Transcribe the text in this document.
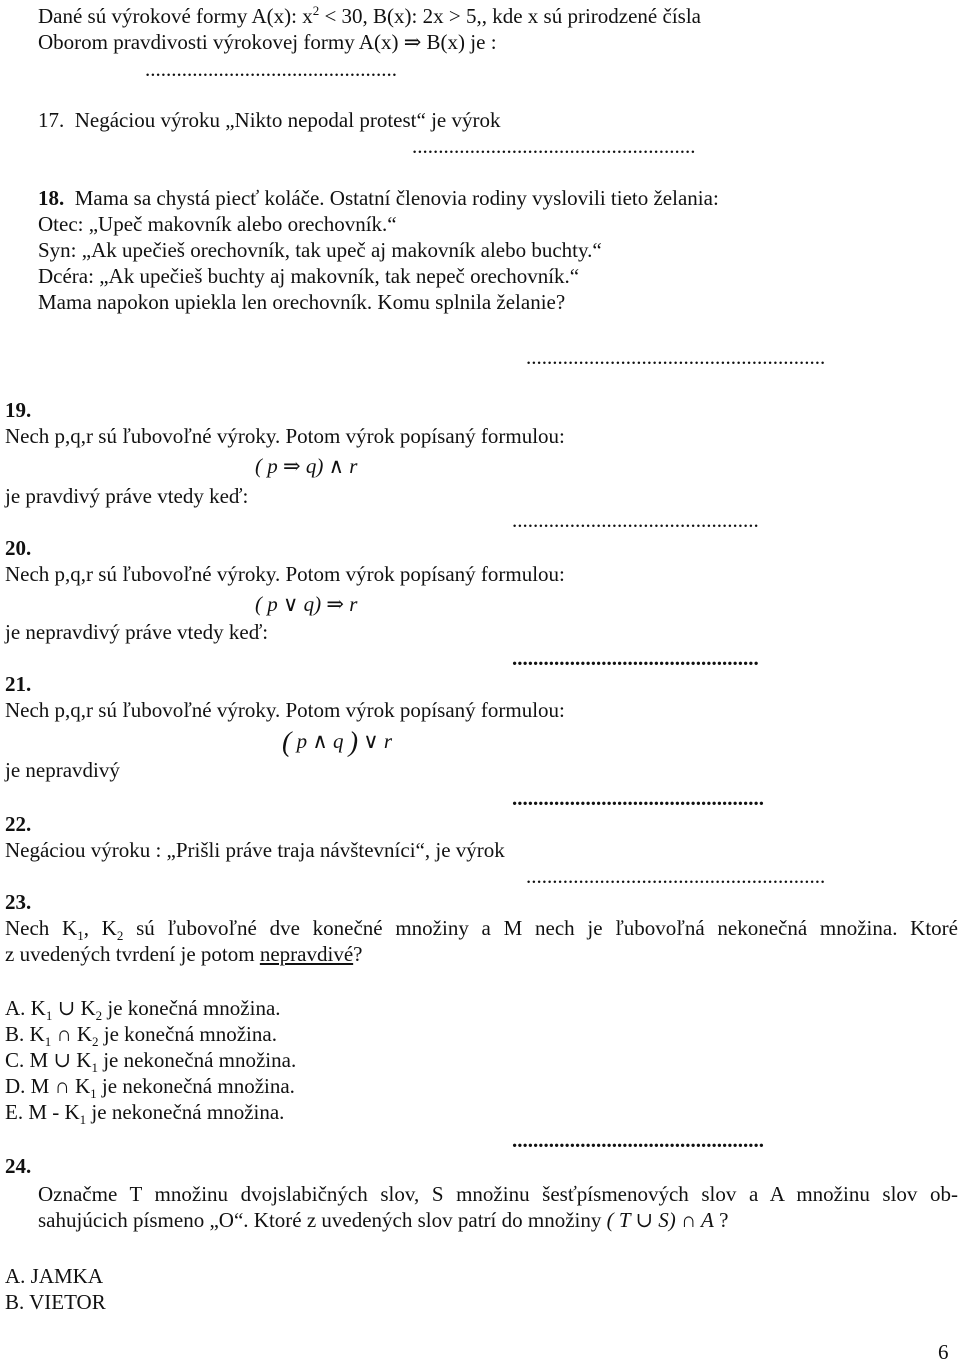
Dané sú výrokové formy A(x): $x^2 < 30$, B(x): 2x > 5,, kde x sú prirodzené čísla
Oborom pravdivosti výrokovej formy A(x) ⇒ B(x) je :
................................................
17. Negáciou výroku „Nikto nepodal protest“ je výrok
......................................................
18. Mama sa chystá piecť koláče. Ostatní členovia rodiny vyslovili tieto želania:
Otec: „Upeč makovník alebo orechovník.“
Syn: „Ak upečieš orechovník, tak upeč aj makovník alebo buchty.“
Dcéra: „Ak upečieš buchty aj makovník, tak nepeč orechovník.“
Mama napokon upiekla len orechovník. Komu splnila želanie?
.........................................................
19.
Nech p,q,r sú ľubovoľné výroky. Potom výrok popísaný formulou:
( p ⇒ q) ∧ r
je pravdivý práve vtedy keď:
...............................................
20.
Nech p,q,r sú ľubovoľné výroky. Potom výrok popísaný formulou:
( p ∨ q) ⇒ r
je nepravdivý práve vtedy keď:
...............................................
21.
Nech p,q,r sú ľubovoľné výroky. Potom výrok popísaný formulou:
( p ∧ q ) ∨ r
je nepravdivý
................................................
22.
Negáciou výroku : „Prišli práve traja návštevníci“, je výrok
.........................................................
23.
Nech $K_1$, $K_2$ sú ľubovoľné dve konečné množiny a M nech je ľubovoľná nekonečná množina. Ktoré
z uvedených tvrdení je potom nepravdivé?
A. $K_1$ ∪ $K_2$ je konečná množina.
B. $K_1$ ∩ $K_2$ je konečná množina.
C. M ∪ $K_1$ je nekonečná množina.
D. M ∩ $K_1$ je nekonečná množina.
E. M - $K_1$ je nekonečná množina.
................................................
24.
Označme T množinu dvojslabičných slov, S množinu šesťpísmenových slov a A množinu slov ob-
sahujúcich písmeno „O“. Ktoré z uvedených slov patrí do množiny ( T ∪ S) ∩ A ?
A. JAMKA
B. VIETOR
6
